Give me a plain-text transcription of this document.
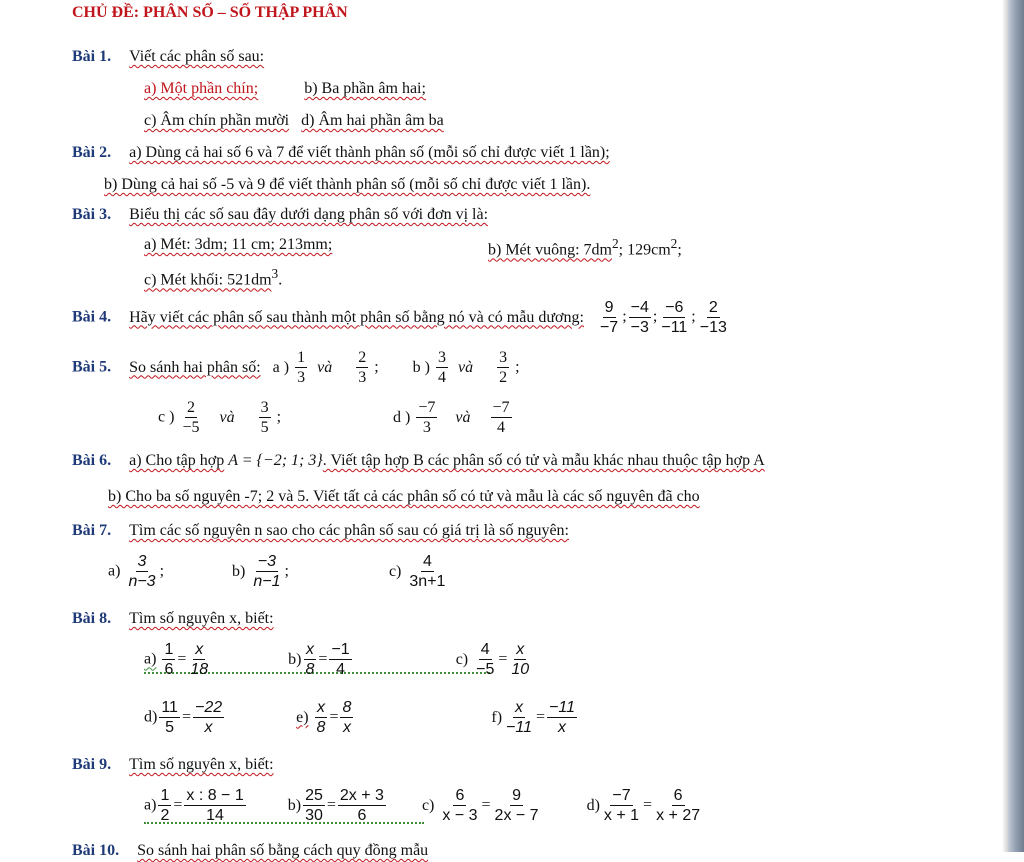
CHỦ ĐỀ: PHÂN SỐ – SỐ THẬP PHÂN
Bài 1. Viết các phân số sau:
a) Một phần chín;	b) Ba phần âm hai;
c) Âm chín phần mười d) Âm hai phần âm ba
Bài 2. a) Dùng cả hai số 6 và 7 để viết thành phân số (mỗi số chỉ được viết 1 lần);
b) Dùng cả hai số -5 và 9 để viết thành phân số (mỗi số chỉ được viết 1 lần).
Bài 3. Biểu thị các số sau đây dưới dạng phân số với đơn vị là:
a) Mét: 3dm; 11 cm; 213mm;	b) Mét vuông: $7dm^2$; $129cm^2$;
c) Mét khối: $521dm^3$.
Bài 4. Hãy viết các phân số sau thành một phân số bằng nó và có mẫu dương: $\frac{9}{-7}$ ; $\frac{-4}{-3}$ ; $\frac{-6}{-11}$ ; $\frac{2}{-13}$
Bài 5. So sánh hai phân số: a ) $\frac{1}{3}$ và $\frac{2}{3}$ ; b ) $\frac{3}{4}$ và $\frac{3}{2}$ ;
c ) $\frac{2}{-5}$ và $\frac{3}{5}$ ;	d ) $\frac{-7}{3}$ và $\frac{-7}{4}$
Bài 6. a) Cho tập hợp A = {−2; 1; 3}. Viết tập hợp B các phân số có tử và mẫu khác nhau thuộc tập hợp A
b) Cho ba số nguyên -7; 2 và 5. Viết tất cả các phân số có tử và mẫu là các số nguyên đã cho
Bài 7. Tìm các số nguyên n sao cho các phân số sau có giá trị là số nguyên:
$a) \frac{3}{n-3}$ ;	$b) \frac{-3}{n-1}$ ;	$c) \frac{4}{3n+1}$
Bài 8. Tìm số nguyên x, biết:
$a) \frac{1}{6} = \frac{x}{18}$	$b) \frac{x}{8} = \frac{-1}{4}$	$c) \frac{4}{-5} = \frac{x}{10}$
$d) \frac{11}{5} = \frac{-22}{x}$	$e) \frac{x}{8} = \frac{8}{x}$	$f) \frac{x}{-11} = \frac{-11}{x}$
Bài 9. Tìm số nguyên x, biết:
$a) \frac{1}{2} = \frac{x : 8 - 1}{14}$	$b) \frac{25}{30} = \frac{2x + 3}{6} c) \frac{6}{x - 3} = \frac{9}{2x - 7}$	$d) \frac{-7}{x + 1} = \frac{6}{x + 27}$
Bài 10. So sánh hai phân số bằng cách quy đồng mẫu
